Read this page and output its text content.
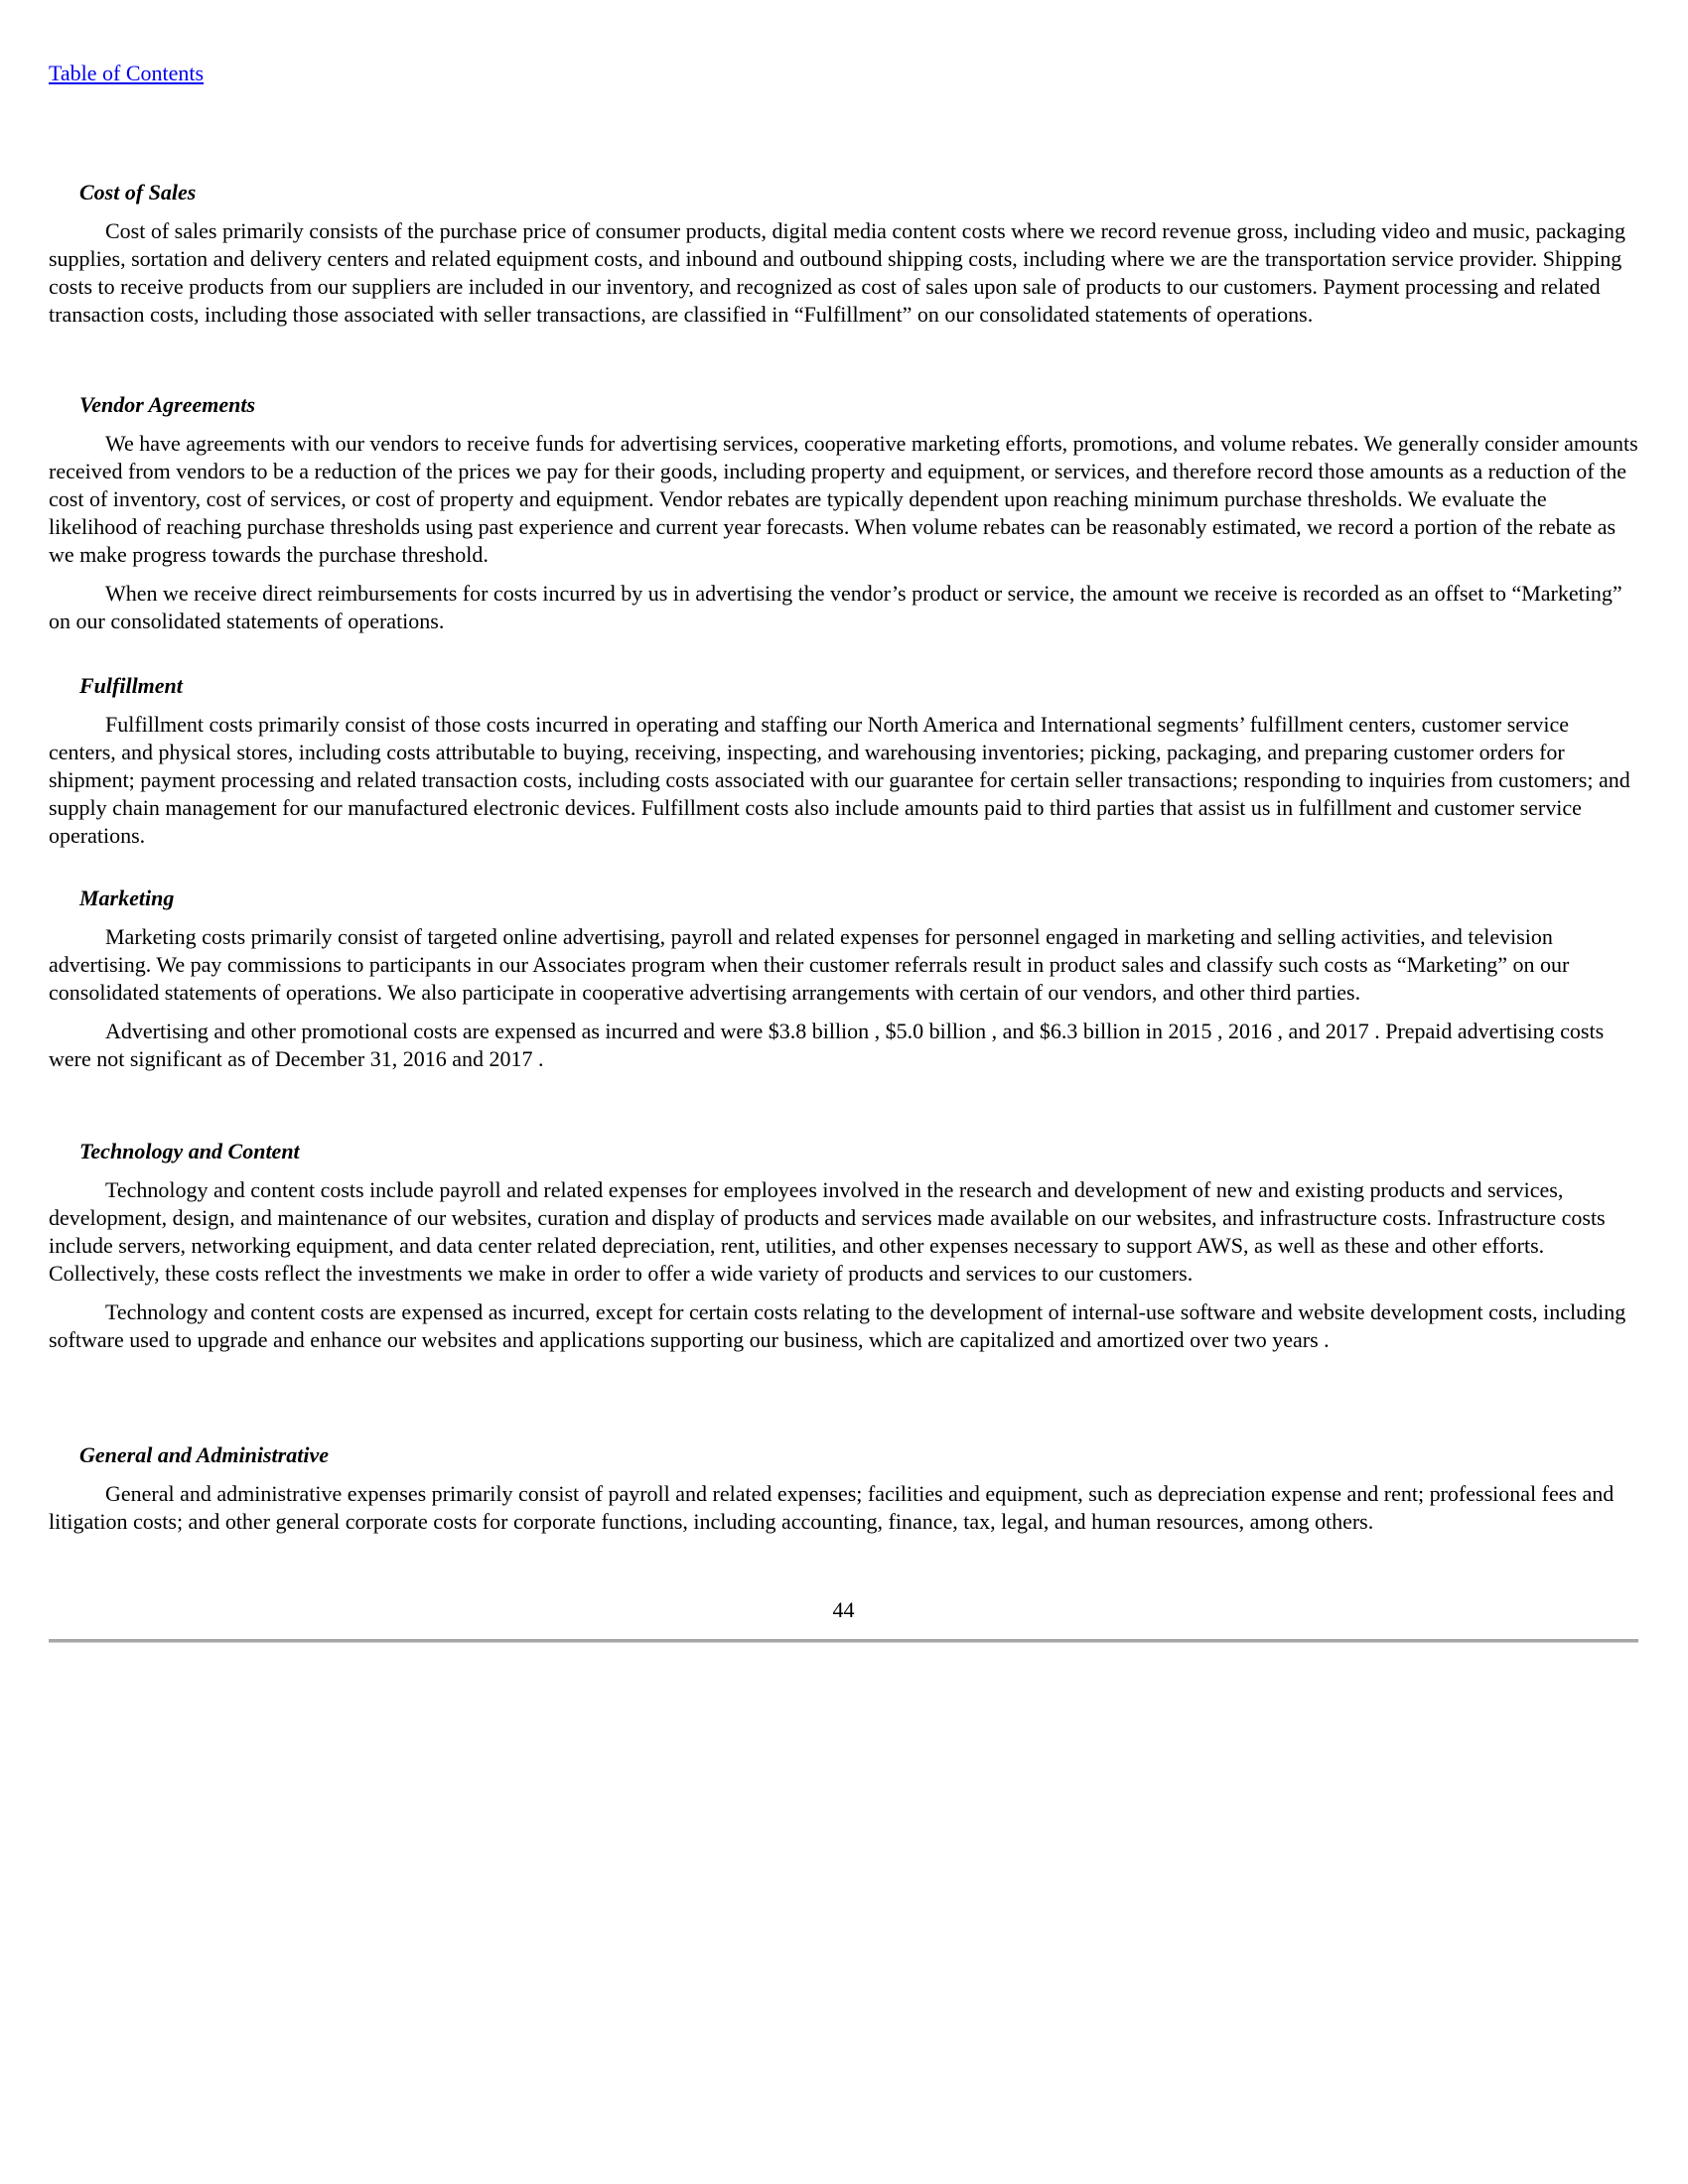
Table of Contents
Cost of Sales

Cost of sales primarily consists of the purchase price of consumer products, digital media content costs where we record revenue gross, including video and music, packaging supplies, sortation and delivery centers and related equipment costs, and inbound and outbound shipping costs, including where we are the transportation service provider. Shipping costs to receive products from our suppliers are included in our inventory, and recognized as cost of sales upon sale of products to our customers. Payment processing and related transaction costs, including those associated with seller transactions, are classified in “Fulfillment” on our consolidated statements of operations.

Vendor Agreements

We have agreements with our vendors to receive funds for advertising services, cooperative marketing efforts, promotions, and volume rebates. We generally consider amounts received from vendors to be a reduction of the prices we pay for their goods, including property and equipment, or services, and therefore record those amounts as a reduction of the cost of inventory, cost of services, or cost of property and equipment. Vendor rebates are typically dependent upon reaching minimum purchase thresholds. We evaluate the likelihood of reaching purchase thresholds using past experience and current year forecasts. When volume rebates can be reasonably estimated, we record a portion of the rebate as we make progress towards the purchase threshold.

When we receive direct reimbursements for costs incurred by us in advertising the vendor’s product or service, the amount we receive is recorded as an offset to “Marketing” on our consolidated statements of operations.

Fulfillment

Fulfillment costs primarily consist of those costs incurred in operating and staffing our North America and International segments’ fulfillment centers, customer service centers, and physical stores, including costs attributable to buying, receiving, inspecting, and warehousing inventories; picking, packaging, and preparing customer orders for shipment; payment processing and related transaction costs, including costs associated with our guarantee for certain seller transactions; responding to inquiries from customers; and supply chain management for our manufactured electronic devices. Fulfillment costs also include amounts paid to third parties that assist us in fulfillment and customer service operations.

Marketing

Marketing costs primarily consist of targeted online advertising, payroll and related expenses for personnel engaged in marketing and selling activities, and television advertising. We pay commissions to participants in our Associates program when their customer referrals result in product sales and classify such costs as “Marketing” on our consolidated statements of operations. We also participate in cooperative advertising arrangements with certain of our vendors, and other third parties.

Advertising and other promotional costs are expensed as incurred and were $3.8 billion , $5.0 billion , and $6.3 billion in 2015 , 2016 , and 2017 . Prepaid advertising costs were not significant as of December 31, 2016 and 2017 .

Technology and Content

Technology and content costs include payroll and related expenses for employees involved in the research and development of new and existing products and services, development, design, and maintenance of our websites, curation and display of products and services made available on our websites, and infrastructure costs. Infrastructure costs include servers, networking equipment, and data center related depreciation, rent, utilities, and other expenses necessary to support AWS, as well as these and other efforts. Collectively, these costs reflect the investments we make in order to offer a wide variety of products and services to our customers.

Technology and content costs are expensed as incurred, except for certain costs relating to the development of internal-use software and website development costs, including software used to upgrade and enhance our websites and applications supporting our business, which are capitalized and amortized over two years .

General and Administrative

General and administrative expenses primarily consist of payroll and related expenses; facilities and equipment, such as depreciation expense and rent; professional fees and litigation costs; and other general corporate costs for corporate functions, including accounting, finance, tax, legal, and human resources, among others.

44
